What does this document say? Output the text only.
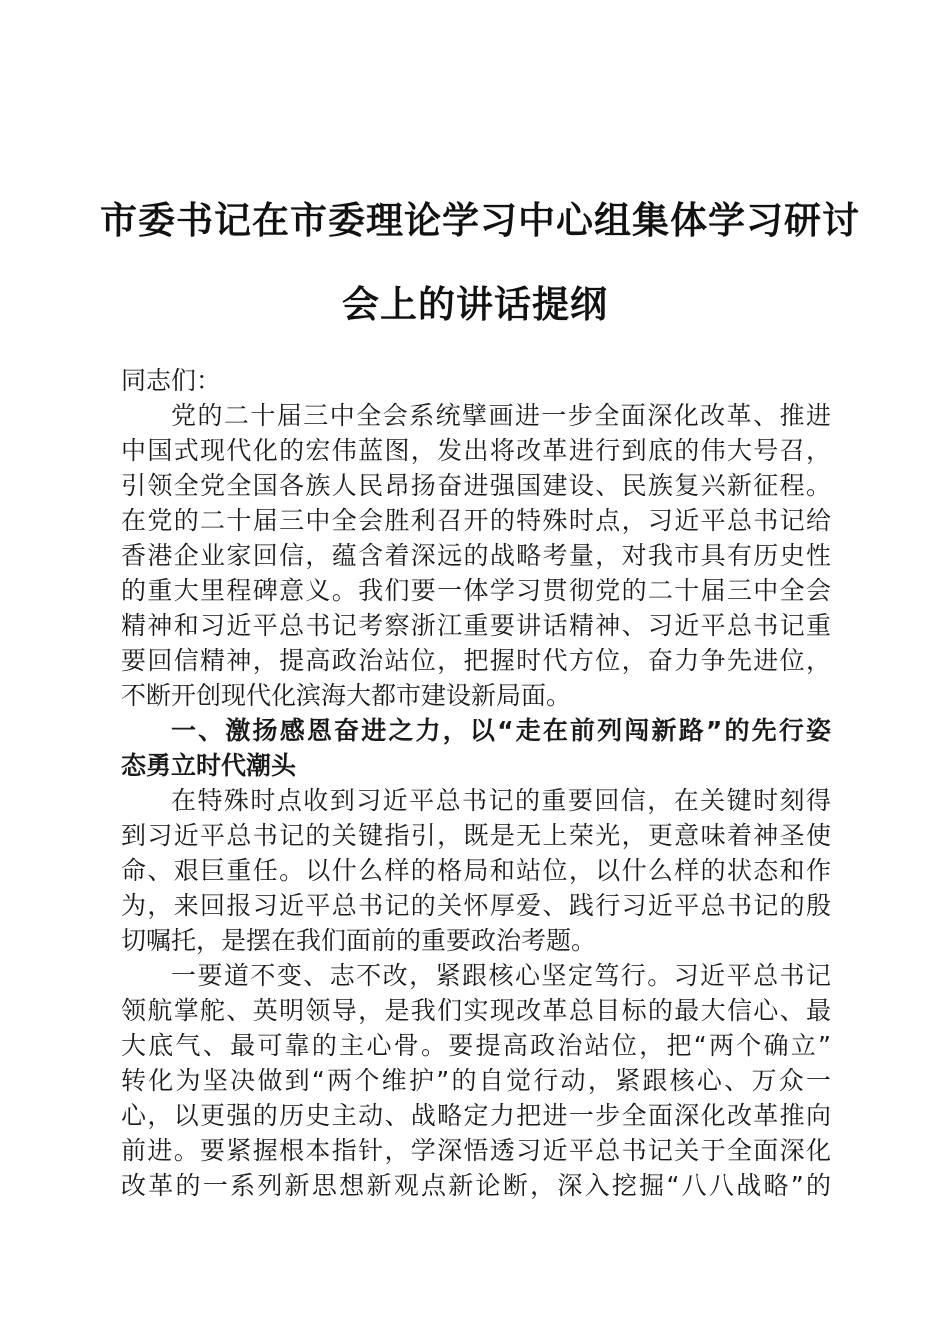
市委书记在市委理论学习中心组集体学习研讨
会上的讲话提纲
同志们：
党的二十届三中全会系统擘画进一步全面深化改革、推进
中国式现代化的宏伟蓝图，发出将改革进行到底的伟大号召，
引领全党全国各族人民昂扬奋进强国建设、民族复兴新征程。
在党的二十届三中全会胜利召开的特殊时点，习近平总书记给
香港企业家回信，蕴含着深远的战略考量，对我市具有历史性
的重大里程碑意义。我们要一体学习贯彻党的二十届三中全会
精神和习近平总书记考察浙江重要讲话精神、习近平总书记重
要回信精神，提高政治站位，把握时代方位，奋力争先进位，
不断开创现代化滨海大都市建设新局面。
一、激扬感恩奋进之力，以“走在前列闯新路”的先行姿
态勇立时代潮头
在特殊时点收到习近平总书记的重要回信，在关键时刻得
到习近平总书记的关键指引，既是无上荣光，更意味着神圣使
命、艰巨重任。以什么样的格局和站位，以什么样的状态和作
为，来回报习近平总书记的关怀厚爱、践行习近平总书记的殷
切嘱托，是摆在我们面前的重要政治考题。
一要道不变、志不改，紧跟核心坚定笃行。习近平总书记
领航掌舵、英明领导，是我们实现改革总目标的最大信心、最
大底气、最可靠的主心骨。要提高政治站位，把“两个确立”
转化为坚决做到“两个维护”的自觉行动，紧跟核心、万众一
心，以更强的历史主动、战略定力把进一步全面深化改革推向
前进。要紧握根本指针，学深悟透习近平总书记关于全面深化
改革的一系列新思想新观点新论断，深入挖掘“八八战略”的
